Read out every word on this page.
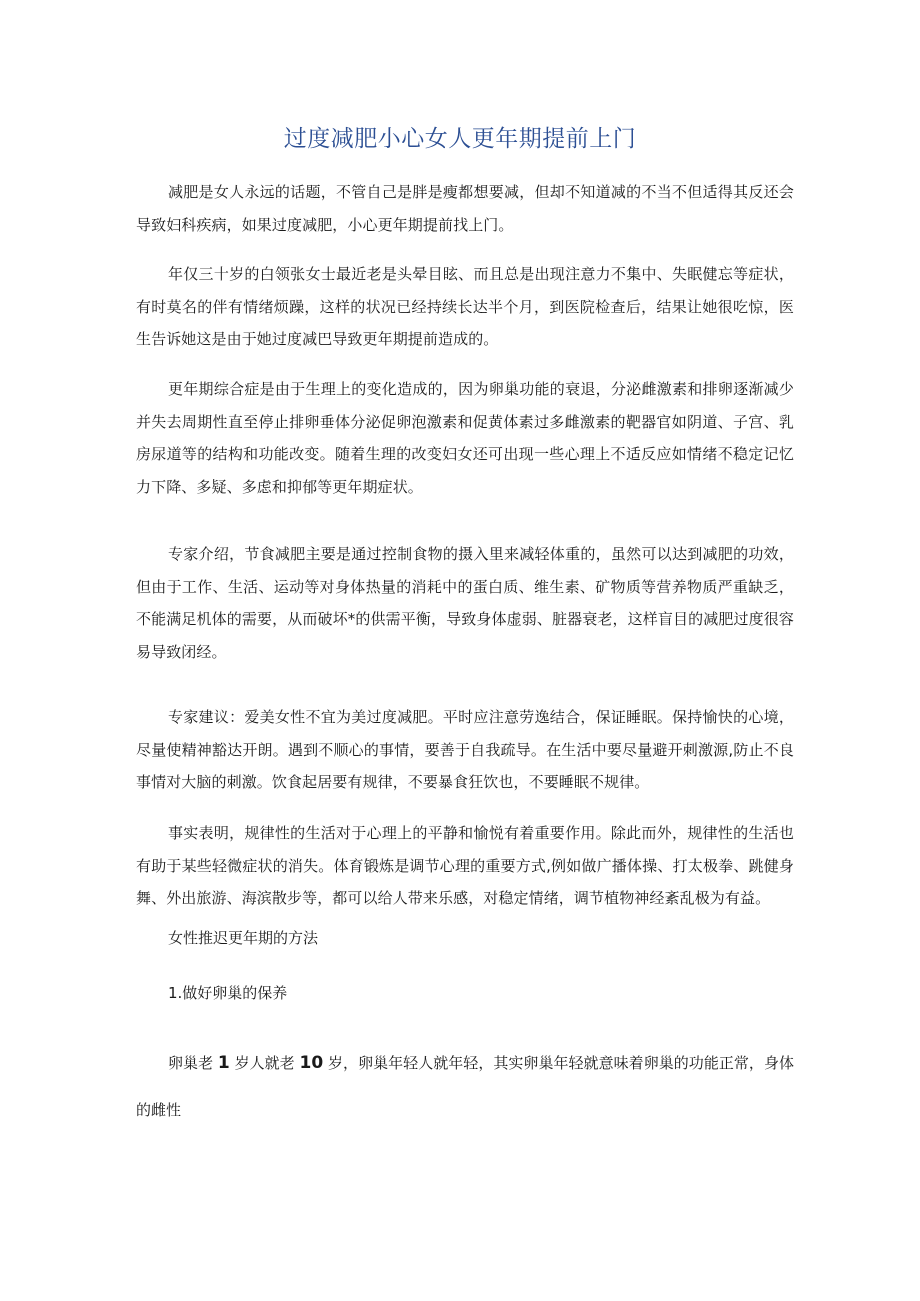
过度减肥小心女人更年期提前上门

减肥是女人永远的话题，不管自己是胖是瘦都想要减，但却不知道减的不当不但适得其反还会导致妇科疾病，如果过度减肥，小心更年期提前找上门。

年仅三十岁的白领张女士最近老是头晕目眩、而且总是出现注意力不集中、失眠健忘等症状，有时莫名的伴有情绪烦躁，这样的状况已经持续长达半个月，到医院检查后，结果让她很吃惊，医生告诉她这是由于她过度减巴导致更年期提前造成的。

更年期综合症是由于生理上的变化造成的，因为卵巢功能的衰退，分泌雌激素和排卵逐渐减少并失去周期性直至停止排卵垂体分泌促卵泡激素和促黄体素过多雌激素的靶器官如阴道、子宫、乳房尿道等的结构和功能改变。随着生理的改变妇女还可出现一些心理上不适反应如情绪不稳定记忆力下降、多疑、多虑和抑郁等更年期症状。

专家介绍，节食减肥主要是通过控制食物的摄入里来减轻体重的，虽然可以达到减肥的功效，但由于工作、生活、运动等对身体热量的消耗中的蛋白质、维生素、矿物质等营养物质严重缺乏，不能满足机体的需要，从而破坏*的供需平衡，导致身体虚弱、脏器衰老，这样盲目的减肥过度很容易导致闭经。

专家建议：爱美女性不宜为美过度减肥。平时应注意劳逸结合，保证睡眠。保持愉快的心境，尽量使精神豁达开朗。遇到不顺心的事情，要善于自我疏导。在生活中要尽量避开刺激源,防止不良事情对大脑的刺激。饮食起居要有规律，不要暴食狂饮也，不要睡眠不规律。

事实表明，规律性的生活对于心理上的平静和愉悦有着重要作用。除此而外，规律性的生活也有助于某些轻微症状的消失。体育锻炼是调节心理的重要方式,例如做广播体操、打太极拳、跳健身舞、外出旅游、海滨散步等，都可以给人带来乐感，对稳定情绪，调节植物神经紊乱极为有益。

女性推迟更年期的方法
1.做好卵巢的保养

卵巢老 1 岁人就老 10 岁，卵巢年轻人就年轻，其实卵巢年轻就意味着卵巢的功能正常，身体的雌性
